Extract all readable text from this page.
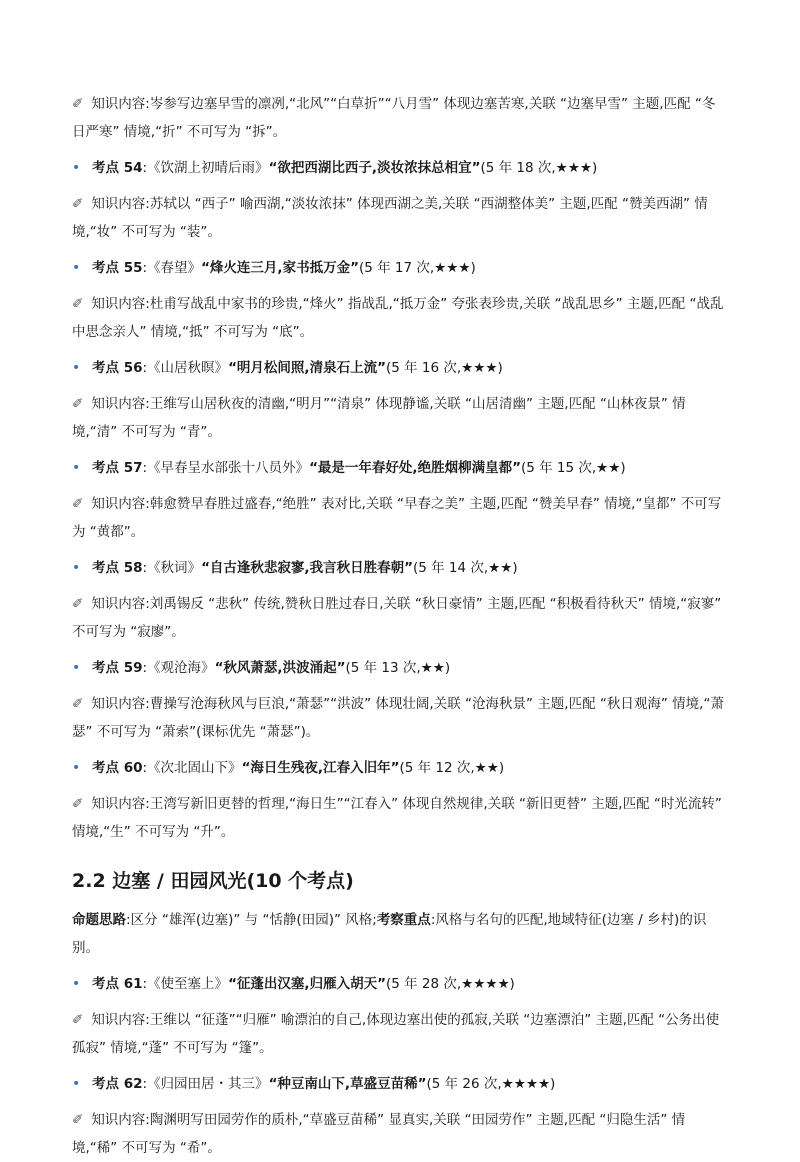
✐ 知识内容:岑参写边塞早雪的凛冽,“北风”“白草折”“八月雪” 体现边塞苦寒,关联 “边塞早雪” 主题,匹配 “冬日严寒” 情境,“折” 不可写为 “拆”。

• 考点 54:《饮湖上初晴后雨》“欲把西湖比西子,淡妆浓抹总相宜”(5 年 18 次,★★★)

✐ 知识内容:苏轼以 “西子” 喻西湖,“淡妆浓抹” 体现西湖之美,关联 “西湖整体美” 主题,匹配 “赞美西湖” 情境,“妆” 不可写为 “装”。

• 考点 55:《春望》“烽火连三月,家书抵万金”(5 年 17 次,★★★)

✐ 知识内容:杜甫写战乱中家书的珍贵,“烽火” 指战乱,“抵万金” 夸张表珍贵,关联 “战乱思乡” 主题,匹配 “战乱中思念亲人” 情境,“抵” 不可写为 “底”。

• 考点 56:《山居秋暝》“明月松间照,清泉石上流”(5 年 16 次,★★★)

✐ 知识内容:王维写山居秋夜的清幽,“明月”“清泉” 体现静谧,关联 “山居清幽” 主题,匹配 “山林夜景” 情境,“清” 不可写为 “青”。

• 考点 57:《早春呈水部张十八员外》“最是一年春好处,绝胜烟柳满皇都”(5 年 15 次,★★)

✐ 知识内容:韩愈赞早春胜过盛春,“绝胜” 表对比,关联 “早春之美” 主题,匹配 “赞美早春” 情境,“皇都” 不可写为 “黄都”。

• 考点 58:《秋词》“自古逢秋悲寂寥,我言秋日胜春朝”(5 年 14 次,★★)

✐ 知识内容:刘禹锡反 “悲秋” 传统,赞秋日胜过春日,关联 “秋日豪情” 主题,匹配 “积极看待秋天” 情境,“寂寥” 不可写为 “寂廖”。

• 考点 59:《观沧海》“秋风萧瑟,洪波涌起”(5 年 13 次,★★)

✐ 知识内容:曹操写沧海秋风与巨浪,“萧瑟”“洪波” 体现壮阔,关联 “沧海秋景” 主题,匹配 “秋日观海” 情境,“萧瑟” 不可写为 “萧索”(课标优先 “萧瑟”)。

• 考点 60:《次北固山下》“海日生残夜,江春入旧年”(5 年 12 次,★★)

✐ 知识内容:王湾写新旧更替的哲理,“海日生”“江春入” 体现自然规律,关联 “新旧更替” 主题,匹配 “时光流转” 情境,“生” 不可写为 “升”。

2.2 边塞 / 田园风光(10 个考点)

命题思路:区分 “雄浑(边塞)” 与 “恬静(田园)” 风格;考察重点:风格与名句的匹配,地域特征(边塞 / 乡村)的识别。

• 考点 61:《使至塞上》“征蓬出汉塞,归雁入胡天”(5 年 28 次,★★★★)

✐ 知识内容:王维以 “征蓬”“归雁” 喻漂泊的自己,体现边塞出使的孤寂,关联 “边塞漂泊” 主题,匹配 “公务出使孤寂” 情境,“蓬” 不可写为 “篷”。

• 考点 62:《归园田居・其三》“种豆南山下,草盛豆苗稀”(5 年 26 次,★★★★)

✐ 知识内容:陶渊明写田园劳作的质朴,“草盛豆苗稀” 显真实,关联 “田园劳作” 主题,匹配 “归隐生活” 情境,“稀” 不可写为 “希”。
